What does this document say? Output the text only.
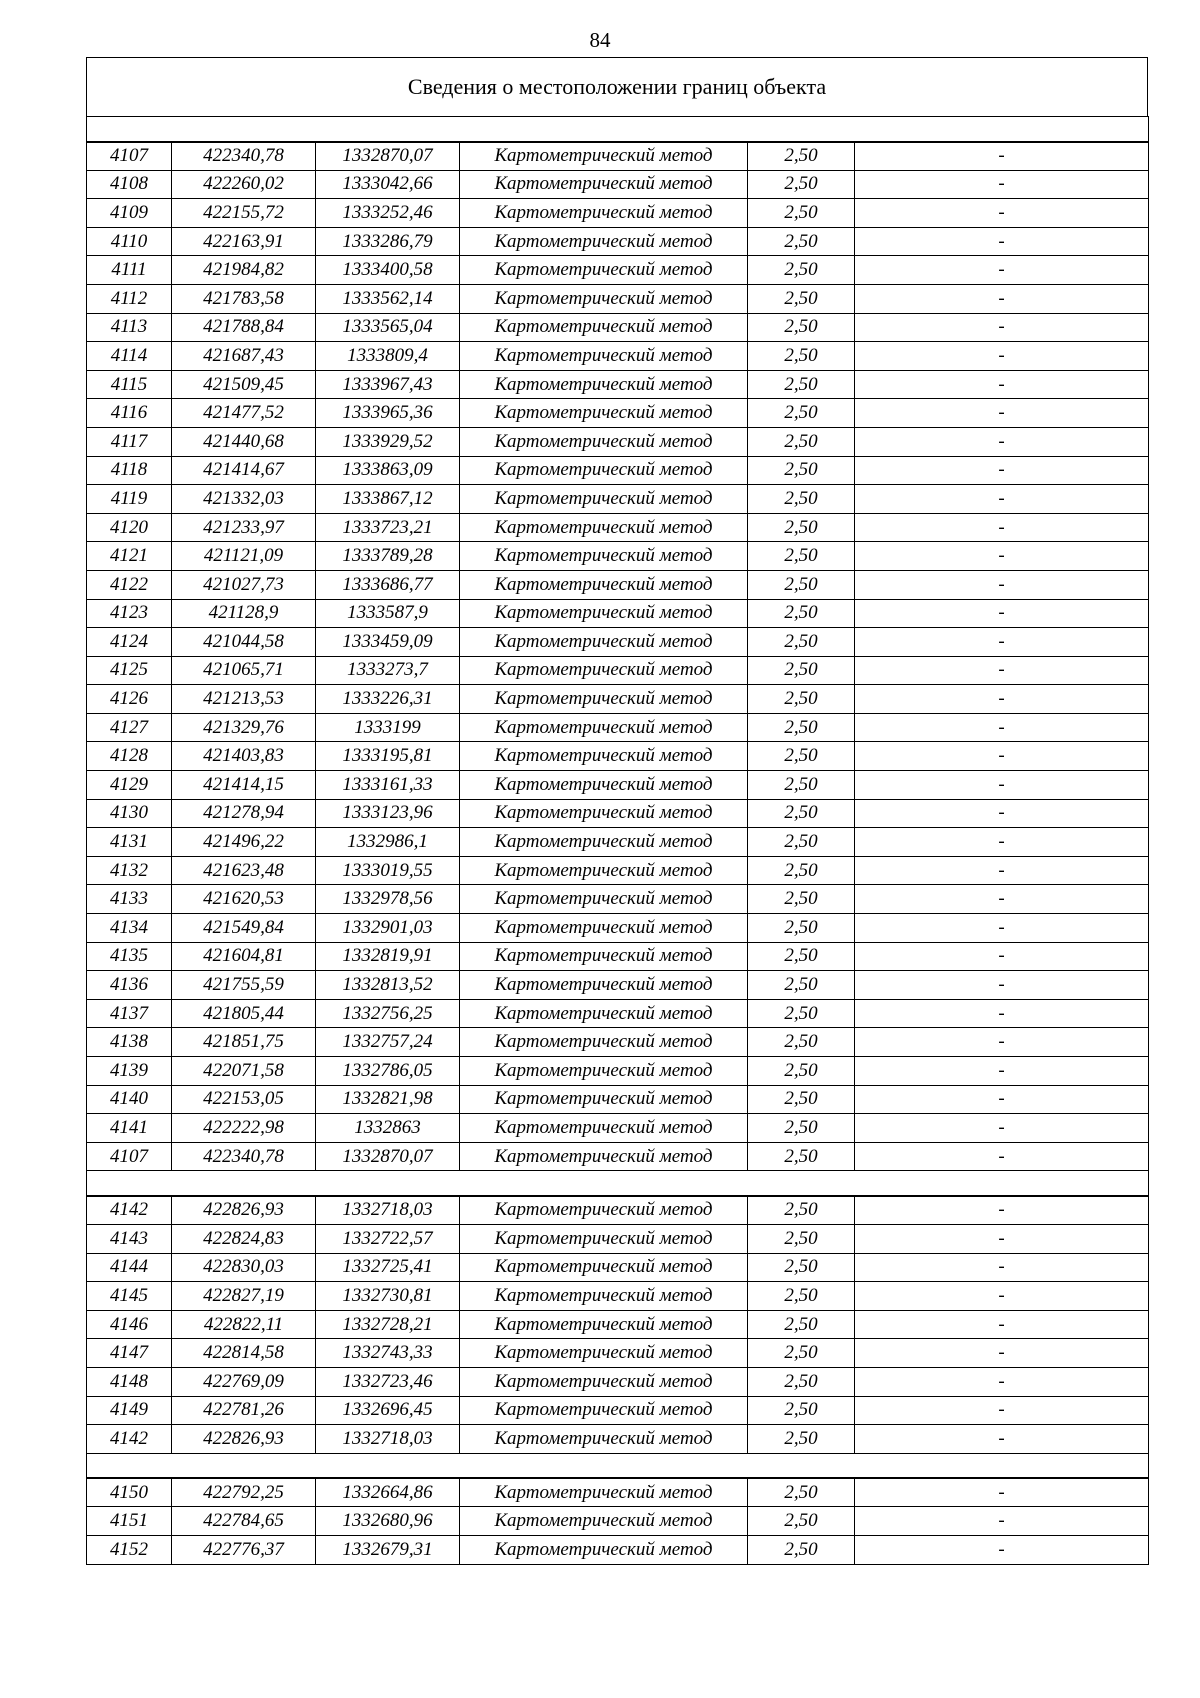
84
Сведения о местоположении границ объекта

4107	422340,78	1332870,07	Картометрический метод	2,50	-
4108	422260,02	1333042,66	Картометрический метод	2,50	-
4109	422155,72	1333252,46	Картометрический метод	2,50	-
4110	422163,91	1333286,79	Картометрический метод	2,50	-
4111	421984,82	1333400,58	Картометрический метод	2,50	-
4112	421783,58	1333562,14	Картометрический метод	2,50	-
4113	421788,84	1333565,04	Картометрический метод	2,50	-
4114	421687,43	1333809,4	Картометрический метод	2,50	-
4115	421509,45	1333967,43	Картометрический метод	2,50	-
4116	421477,52	1333965,36	Картометрический метод	2,50	-
4117	421440,68	1333929,52	Картометрический метод	2,50	-
4118	421414,67	1333863,09	Картометрический метод	2,50	-
4119	421332,03	1333867,12	Картометрический метод	2,50	-
4120	421233,97	1333723,21	Картометрический метод	2,50	-
4121	421121,09	1333789,28	Картометрический метод	2,50	-
4122	421027,73	1333686,77	Картометрический метод	2,50	-
4123	421128,9	1333587,9	Картометрический метод	2,50	-
4124	421044,58	1333459,09	Картометрический метод	2,50	-
4125	421065,71	1333273,7	Картометрический метод	2,50	-
4126	421213,53	1333226,31	Картометрический метод	2,50	-
4127	421329,76	1333199	Картометрический метод	2,50	-
4128	421403,83	1333195,81	Картометрический метод	2,50	-
4129	421414,15	1333161,33	Картометрический метод	2,50	-
4130	421278,94	1333123,96	Картометрический метод	2,50	-
4131	421496,22	1332986,1	Картометрический метод	2,50	-
4132	421623,48	1333019,55	Картометрический метод	2,50	-
4133	421620,53	1332978,56	Картометрический метод	2,50	-
4134	421549,84	1332901,03	Картометрический метод	2,50	-
4135	421604,81	1332819,91	Картометрический метод	2,50	-
4136	421755,59	1332813,52	Картометрический метод	2,50	-
4137	421805,44	1332756,25	Картометрический метод	2,50	-
4138	421851,75	1332757,24	Картометрический метод	2,50	-
4139	422071,58	1332786,05	Картометрический метод	2,50	-
4140	422153,05	1332821,98	Картометрический метод	2,50	-
4141	422222,98	1332863	Картометрический метод	2,50	-
4107	422340,78	1332870,07	Картометрический метод	2,50	-

4142	422826,93	1332718,03	Картометрический метод	2,50	-
4143	422824,83	1332722,57	Картометрический метод	2,50	-
4144	422830,03	1332725,41	Картометрический метод	2,50	-
4145	422827,19	1332730,81	Картометрический метод	2,50	-
4146	422822,11	1332728,21	Картометрический метод	2,50	-
4147	422814,58	1332743,33	Картометрический метод	2,50	-
4148	422769,09	1332723,46	Картометрический метод	2,50	-
4149	422781,26	1332696,45	Картометрический метод	2,50	-
4142	422826,93	1332718,03	Картометрический метод	2,50	-

4150	422792,25	1332664,86	Картометрический метод	2,50	-
4151	422784,65	1332680,96	Картометрический метод	2,50	-
4152	422776,37	1332679,31	Картометрический метод	2,50	-
